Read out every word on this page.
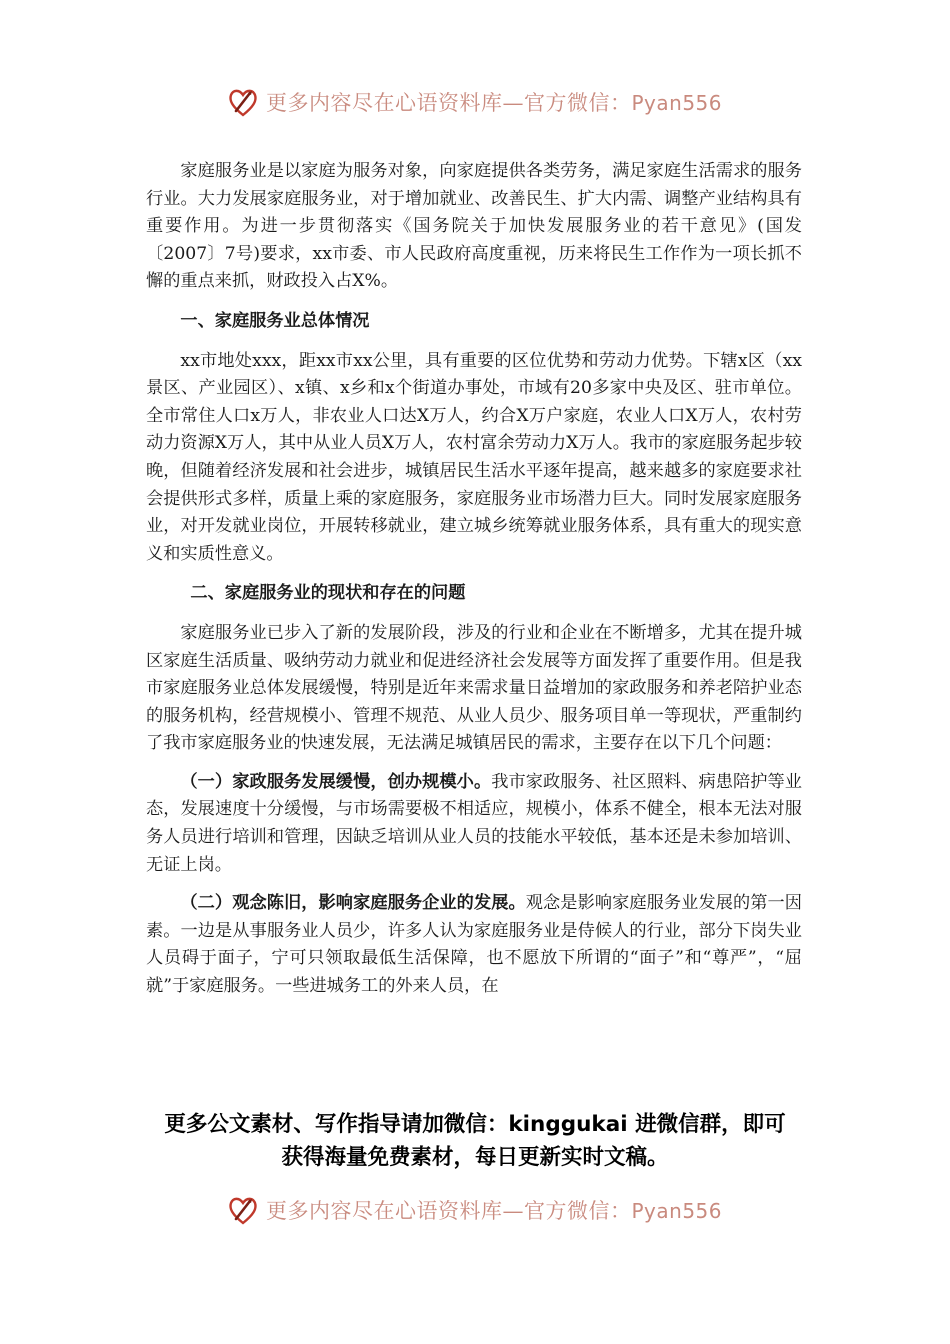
更多内容尽在心语资料库—官方微信：Pyan556

家庭服务业是以家庭为服务对象，向家庭提供各类劳务，满足家庭生活需求的服务行业。大力发展家庭服务业，对于增加就业、改善民生、扩大内需、调整产业结构具有重要作用。为进一步贯彻落实《国务院关于加快发展服务业的若干意见》(国发〔2007〕7号)要求，xx市委、市人民政府高度重视，历来将民生工作作为一项长抓不懈的重点来抓，财政投入占X%。

一、家庭服务业总体情况

xx市地处xxx，距xx市xx公里，具有重要的区位优势和劳动力优势。下辖x区（xx景区、产业园区）、x镇、x乡和x个街道办事处，市域有20多家中央及区、驻市单位。全市常住人口x万人，非农业人口达X万人，约合X万户家庭，农业人口X万人，农村劳动力资源X万人，其中从业人员X万人，农村富余劳动力X万人。我市的家庭服务起步较晚，但随着经济发展和社会进步，城镇居民生活水平逐年提高，越来越多的家庭要求社会提供形式多样，质量上乘的家庭服务，家庭服务业市场潜力巨大。同时发展家庭服务业，对开发就业岗位，开展转移就业，建立城乡统筹就业服务体系，具有重大的现实意义和实质性意义。

二、家庭服务业的现状和存在的问题

家庭服务业已步入了新的发展阶段，涉及的行业和企业在不断增多，尤其在提升城区家庭生活质量、吸纳劳动力就业和促进经济社会发展等方面发挥了重要作用。但是我市家庭服务业总体发展缓慢，特别是近年来需求量日益增加的家政服务和养老陪护业态的服务机构，经营规模小、管理不规范、从业人员少、服务项目单一等现状，严重制约了我市家庭服务业的快速发展，无法满足城镇居民的需求，主要存在以下几个问题：

（一）家政服务发展缓慢，创办规模小。我市家政服务、社区照料、病患陪护等业态，发展速度十分缓慢，与市场需要极不相适应，规模小，体系不健全，根本无法对服务人员进行培训和管理，因缺乏培训从业人员的技能水平较低，基本还是未参加培训、无证上岗。

（二）观念陈旧，影响家庭服务企业的发展。观念是影响家庭服务业发展的第一因素。一边是从事服务业人员少，许多人认为家庭服务业是侍候人的行业，部分下岗失业人员碍于面子，宁可只领取最低生活保障，也不愿放下所谓的“面子”和“尊严”，“屈就”于家庭服务。一些进城务工的外来人员，在

更多公文素材、写作指导请加微信：kinggukai 进微信群，即可
获得海量免费素材，每日更新实时文稿。
更多内容尽在心语资料库—官方微信：Pyan556
